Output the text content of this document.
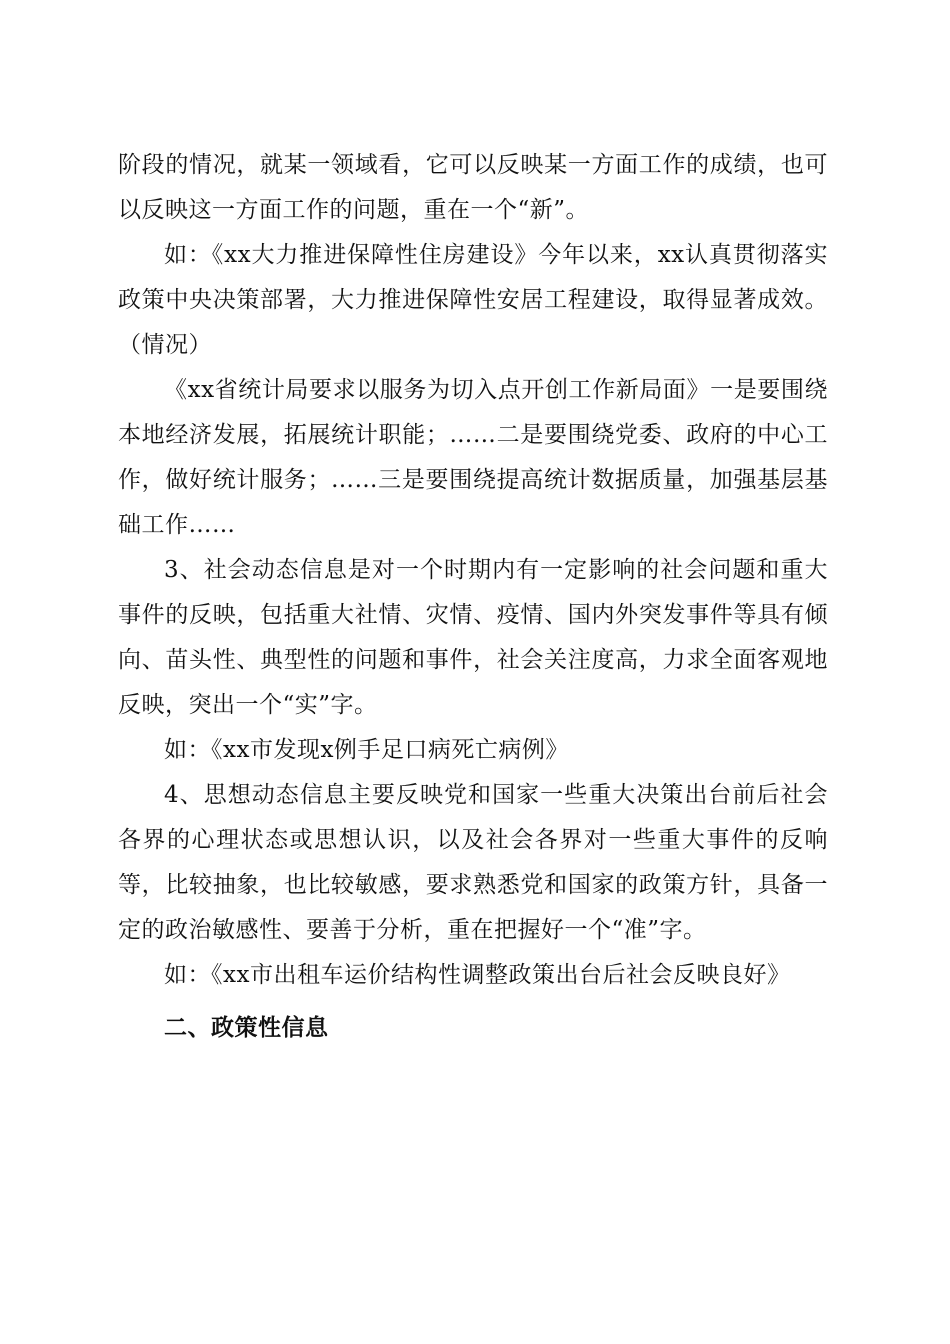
阶段的情况，就某一领域看，它可以反映某一方面工作的成绩，也可以反映这一方面工作的问题，重在一个“新”。

如：《xx大力推进保障性住房建设》今年以来，xx认真贯彻落实政策中央决策部署，大力推进保障性安居工程建设，取得显著成效。（情况）

《xx省统计局要求以服务为切入点开创工作新局面》一是要围绕本地经济发展，拓展统计职能；……二是要围绕党委、政府的中心工作，做好统计服务；……三是要围绕提高统计数据质量，加强基层基础工作……

3、社会动态信息是对一个时期内有一定影响的社会问题和重大事件的反映，包括重大社情、灾情、疫情、国内外突发事件等具有倾向、苗头性、典型性的问题和事件，社会关注度高，力求全面客观地反映，突出一个“实”字。

如：《xx市发现x例手足口病死亡病例》

4、思想动态信息主要反映党和国家一些重大决策出台前后社会各界的心理状态或思想认识，以及社会各界对一些重大事件的反响等，比较抽象，也比较敏感，要求熟悉党和国家的政策方针，具备一定的政治敏感性、要善于分析，重在把握好一个“准”字。

如：《xx市出租车运价结构性调整政策出台后社会反映良好》

二、政策性信息
